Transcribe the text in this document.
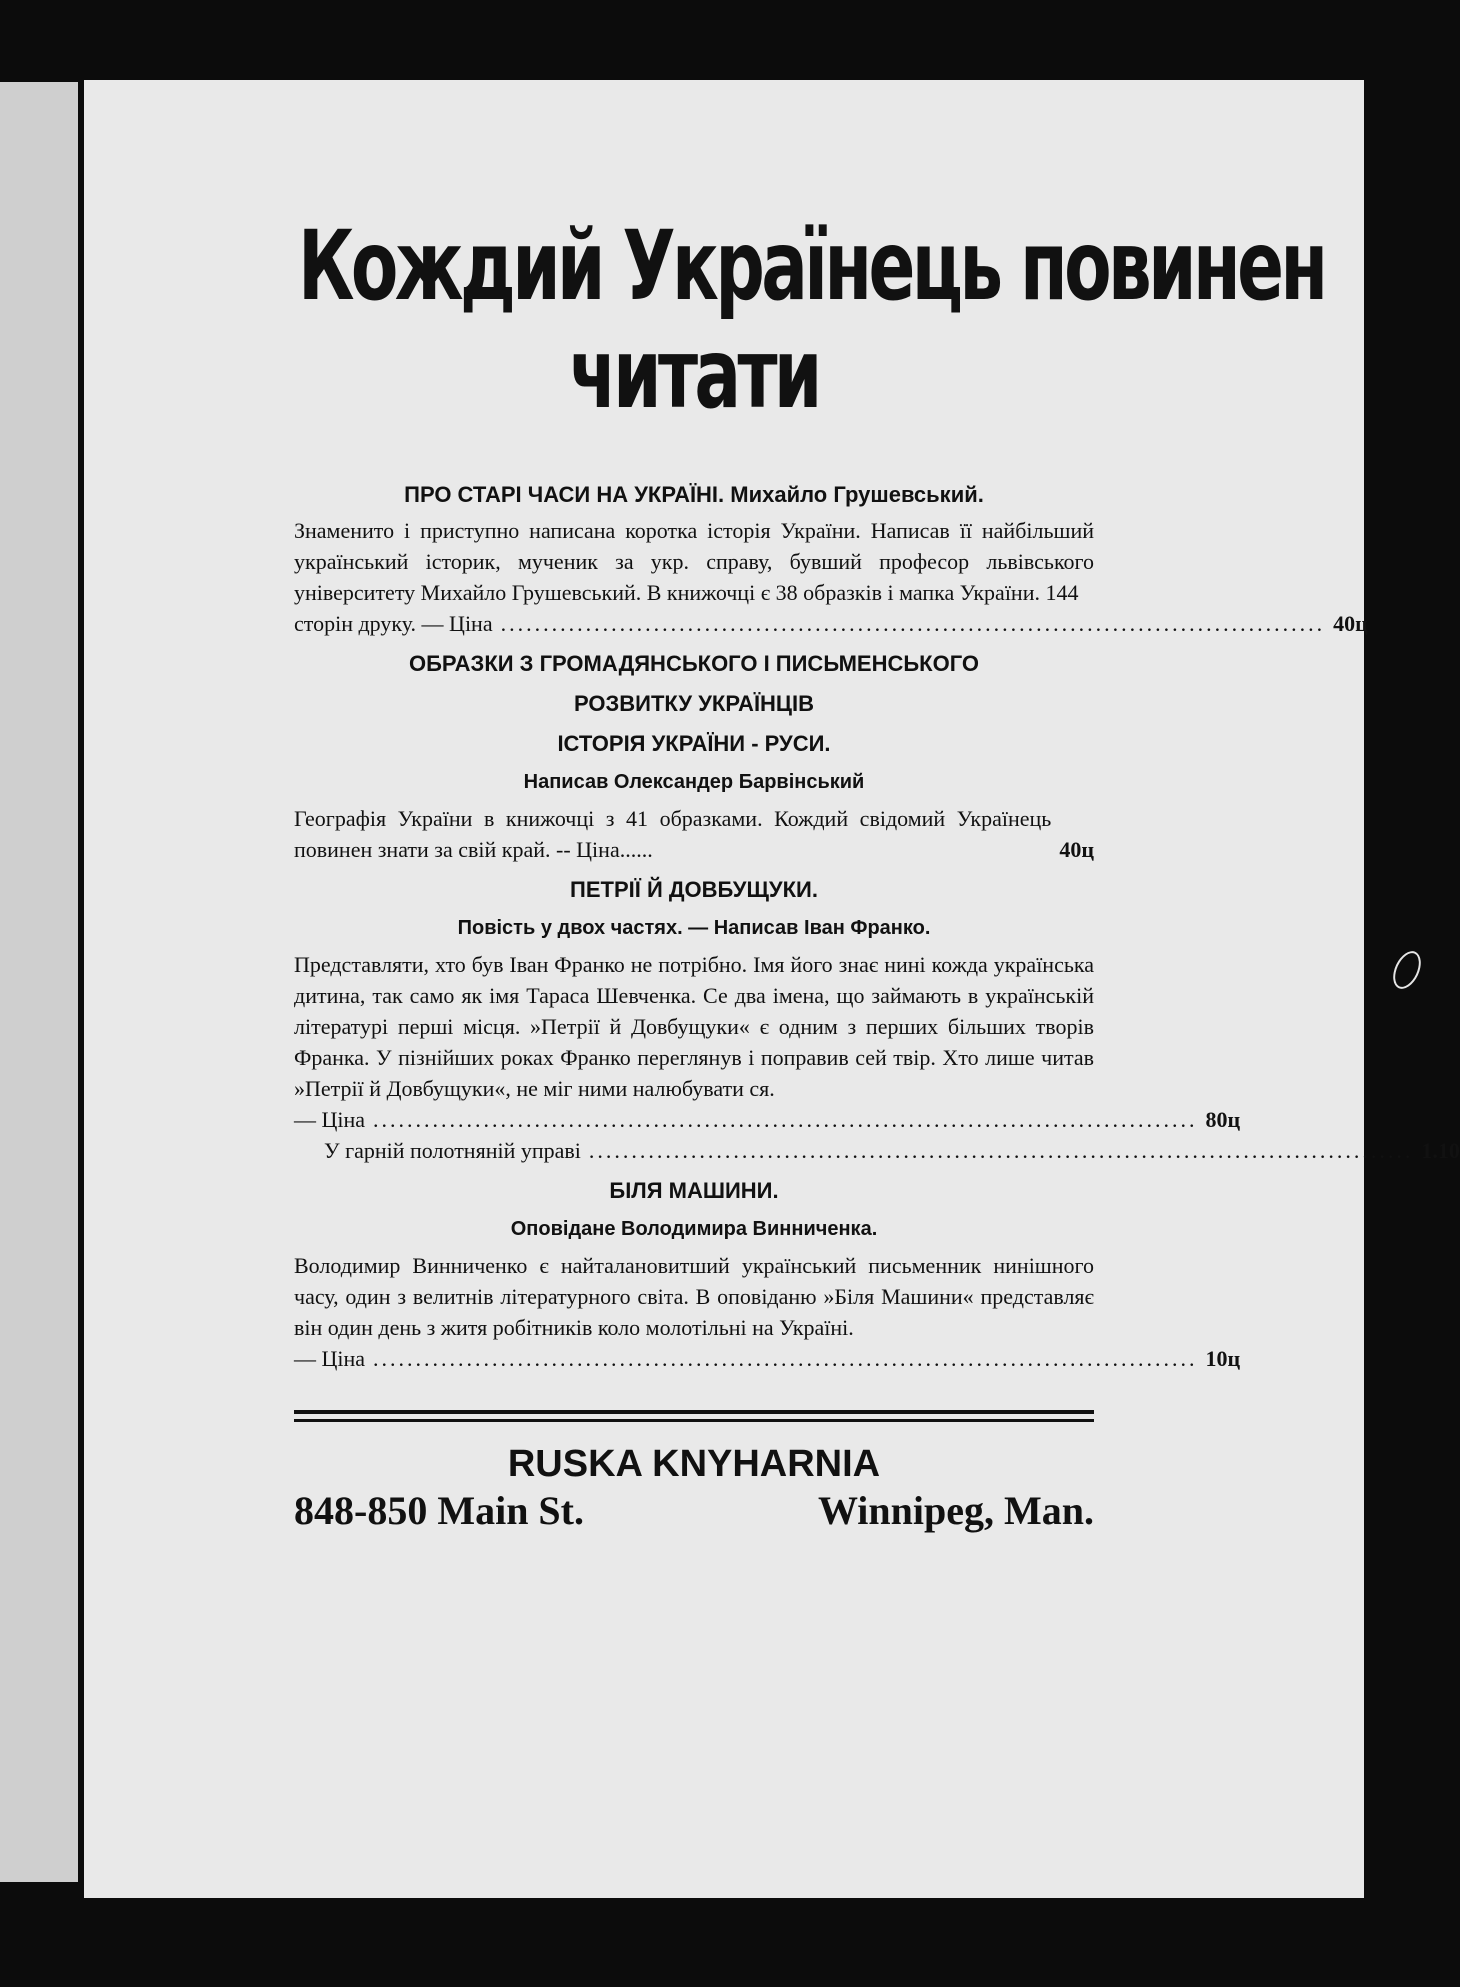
Кождий Українець повинен
читати
ПРО СТАРІ ЧАСИ НА УКРАЇНІ. Михайло Грушевський.

Знаменито і приступно написана коротка історія України. Написав її найбільший український історик, мученик за укр. справу, бувший професор львівського університету Михайло Грушевський. В книжочці є 38 образків і мапка України. 144

сторін друку. — Ціна ................................................................................................. 40ц
ОБРАЗКИ З ГРОМАДЯНСЬКОГО І ПИСЬМЕНСЬКОГО
РОЗВИТКУ УКРАЇНЦІВ
ІСТОРІЯ УКРАЇНИ - РУСИ.
Написав Олександер Барвінський
Географія України в книжочці з 41 образками. Кождий свідомий Українець повинен знати за свій край. -- Ціна......	40ц
ПЕТРІЇ Й ДОВБУЩУКИ.
Повість у двох частях. — Написав Іван Франко.

Представляти, хто був Іван Франко не потрібно. Імя його знає нині кожда українська дитина, так само як імя Тараса Шевченка. Се два імена, що займають в українській літературі перші місця. »Петрії й Довбущуки« є одним з перших більших творів Франка. У пізнійших роках Франко переглянув і поправив сей твір. Хто лише читав »Петрії й Довбущуки«, не міг ними налюбувати ся.

— Ціна ................................................................................................. 80ц
У гарній полотняній управі ................................................................................................. 1.10
БІЛЯ МАШИНИ.
Оповідане Володимира Винниченка.

Володимир Винниченко є найталановитший український письменник нинішного часу, один з велитнів літературного світа. В оповіданю »Біля Машини« представляє він один день з житя робітників коло молотільні на Україні.

— Ціна ................................................................................................. 10ц
RUSKA KNYHARNIA
848-850 Main St.	Winnipeg, Man.
